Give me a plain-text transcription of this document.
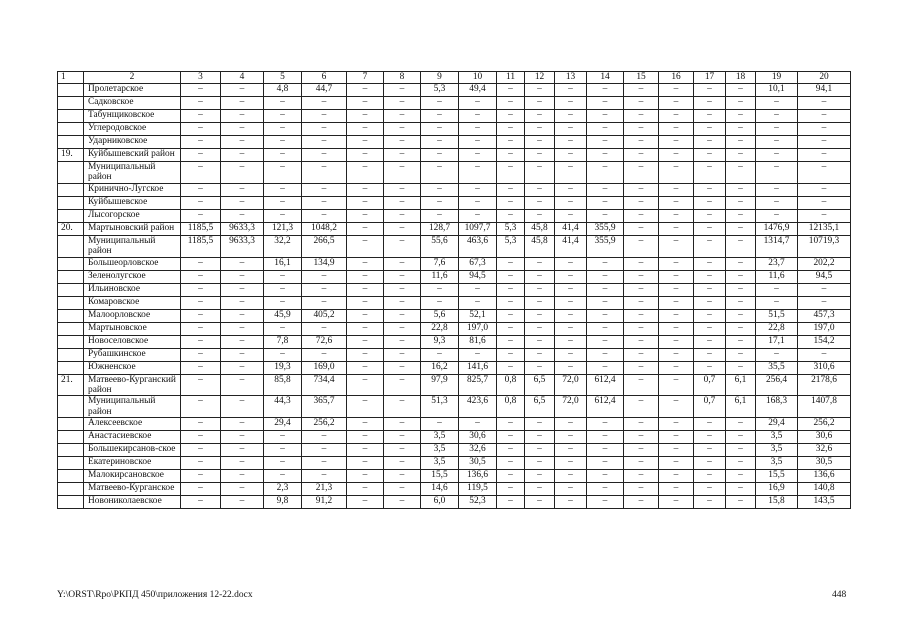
1	2	3	4	5	6	7	8	9	10	11	12	13	14	15	16	17	18	19	20
	Пролетарское	–	–	4,8	44,7	–	–	5,3	49,4	–	–	–	–	–	–	–	–	10,1	94,1
	Садковское	–	–	–	–	–	–	–	–	–	–	–	–	–	–	–	–	–	–
	Табунщиковское	–	–	–	–	–	–	–	–	–	–	–	–	–	–	–	–	–	–
	Углеродовское	–	–	–	–	–	–	–	–	–	–	–	–	–	–	–	–	–	–
	Ударниковское	–	–	–	–	–	–	–	–	–	–	–	–	–	–	–	–	–	–
19.	Куйбышевский район	–	–	–	–	–	–	–	–	–	–	–	–	–	–	–	–	–	–
	Муниципальный район	–	–	–	–	–	–	–	–	–	–	–	–	–	–	–	–	–	–
	Кринично-Лугское	–	–	–	–	–	–	–	–	–	–	–	–	–	–	–	–	–	–
	Куйбышевское	–	–	–	–	–	–	–	–	–	–	–	–	–	–	–	–	–	–
	Лысогорское	–	–	–	–	–	–	–	–	–	–	–	–	–	–	–	–	–	–
20.	Мартыновский район	1185,5	9633,3	121,3	1048,2	–	–	128,7	1097,7	5,3	45,8	41,4	355,9	–	–	–	–	1476,9	12135,1
	Муниципальный район	1185,5	9633,3	32,2	266,5	–	–	55,6	463,6	5,3	45,8	41,4	355,9	–	–	–	–	1314,7	10719,3
	Большеорловское	–	–	16,1	134,9	–	–	7,6	67,3	–	–	–	–	–	–	–	–	23,7	202,2
	Зеленолугское	–	–	–	–	–	–	11,6	94,5	–	–	–	–	–	–	–	–	11,6	94,5
	Ильиновское	–	–	–	–	–	–	–	–	–	–	–	–	–	–	–	–	–	–
	Комаровское	–	–	–	–	–	–	–	–	–	–	–	–	–	–	–	–	–	–
	Малоорловское	–	–	45,9	405,2	–	–	5,6	52,1	–	–	–	–	–	–	–	–	51,5	457,3
	Мартыновское	–	–	–	–	–	–	22,8	197,0	–	–	–	–	–	–	–	–	22,8	197,0
	Новоселовское	–	–	7,8	72,6	–	–	9,3	81,6	–	–	–	–	–	–	–	–	17,1	154,2
	Рубашкинское	–	–	–	–	–	–	–	–	–	–	–	–	–	–	–	–	–	–
	Южненское	–	–	19,3	169,0	–	–	16,2	141,6	–	–	–	–	–	–	–	–	35,5	310,6
21.	Матвеево-Курганский район	–	–	85,8	734,4	–	–	97,9	825,7	0,8	6,5	72,0	612,4	–	–	0,7	6,1	256,4	2178,6
	Муниципальный район	–	–	44,3	365,7	–	–	51,3	423,6	0,8	6,5	72,0	612,4	–	–	0,7	6,1	168,3	1407,8
	Алексеевское	–	–	29,4	256,2	–	–	–	–	–	–	–	–	–	–	–	–	29,4	256,2
	Анастасиевское	–	–	–	–	–	–	3,5	30,6	–	–	–	–	–	–	–	–	3,5	30,6
	Большекирсанов-ское	–	–	–	–	–	–	3,5	32,6	–	–	–	–	–	–	–	–	3,5	32,6
	Екатериновское	–	–	–	–	–	–	3,5	30,5	–	–	–	–	–	–	–	–	3,5	30,5
	Малокирсановское	–	–	–	–	–	–	15,5	136,6	–	–	–	–	–	–	–	–	15,5	136,6
	Матвеево-Курганское	–	–	2,3	21,3	–	–	14,6	119,5	–	–	–	–	–	–	–	–	16,9	140,8
	Новониколаевское	–	–	9,8	91,2	–	–	6,0	52,3	–	–	–	–	–	–	–	–	15,8	143,5
Y:\ORST\Rpo\РКПД 450\приложения 12-22.docx	448
